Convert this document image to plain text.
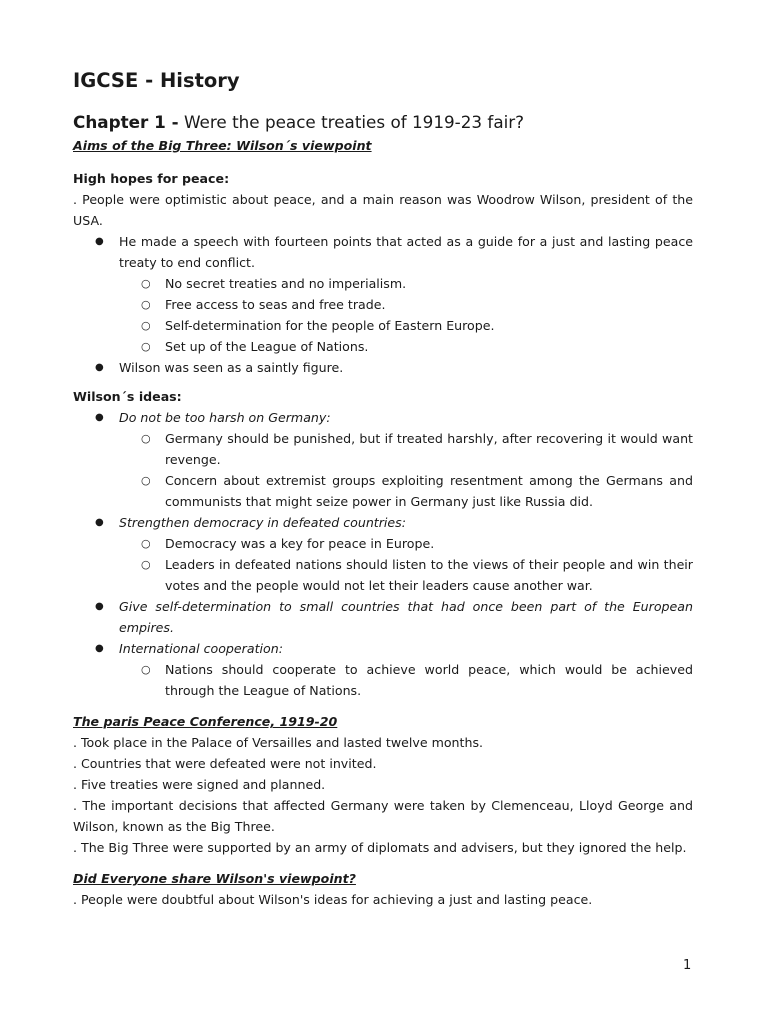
IGCSE - History
Chapter 1 - Were the peace treaties of 1919-23 fair?
Aims of the Big Three: Wilson´s viewpoint
High hopes for peace:

. People were optimistic about peace, and a main reason was Woodrow Wilson, president of the USA.

● He made a speech with fourteen points that acted as a guide for a just and lasting peace treaty to end conflict.
○ No secret treaties and no imperialism.
○ Free access to seas and free trade.
○ Self-determination for the people of Eastern Europe.
○ Set up of the League of Nations.
● Wilson was seen as a saintly figure.
Wilson´s ideas:
● Do not be too harsh on Germany:
○ Germany should be punished, but if treated harshly, after recovering it would want revenge.
○ Concern about extremist groups exploiting resentment among the Germans and communists that might seize power in Germany just like Russia did.
● Strengthen democracy in defeated countries:
○ Democracy was a key for peace in Europe.
○ Leaders in defeated nations should listen to the views of their people and win their votes and the people would not let their leaders cause another war.
● Give self-determination to small countries that had once been part of the European empires.
● International cooperation:
○ Nations should cooperate to achieve world peace, which would be achieved through the League of Nations.
The paris Peace Conference, 1919-20

. Took place in the Palace of Versailles and lasted twelve months.

. Countries that were defeated were not invited.

. Five treaties were signed and planned.

. The important decisions that affected Germany were taken by Clemenceau, Lloyd George and Wilson, known as the Big Three.

. The Big Three were supported by an army of diplomats and advisers, but they ignored the help.

Did Everyone share Wilson's viewpoint?

. People were doubtful about Wilson's ideas for achieving a just and lasting peace.

1
